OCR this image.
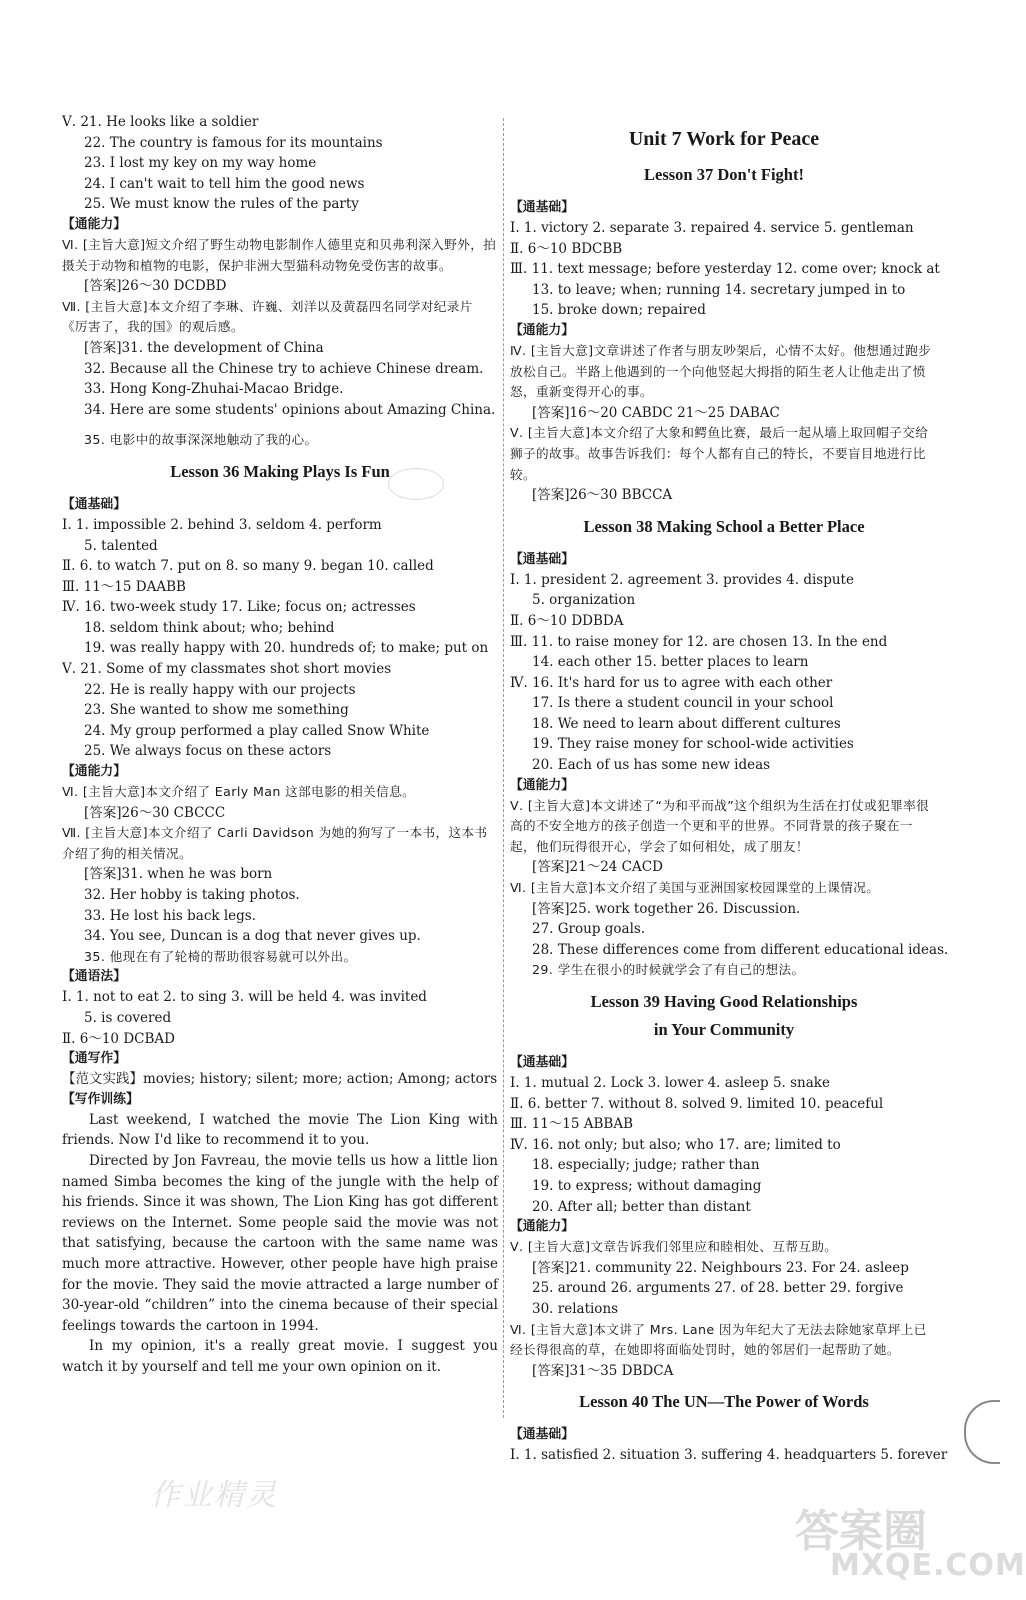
Ⅴ. 21. He looks like a soldier
22. The country is famous for its mountains
23. I lost my key on my way home
24. I can't wait to tell him the good news
25. We must know the rules of the party
【通能力】
Ⅵ. [主旨大意]短文介绍了野生动物电影制作人德里克和贝弗利深入野外，拍摄关于动物和植物的电影，保护非洲大型猫科动物免受伤害的故事。
[答案]26～30 DCDBD
Ⅶ. [主旨大意]本文介绍了李琳、许巍、刘洋以及黄磊四名同学对纪录片《厉害了，我的国》的观后感。
[答案]31. the development of China
32. Because all the Chinese try to achieve Chinese dream.
33. Hong Kong-Zhuhai-Macao Bridge.
34. Here are some students' opinions about Amazing China.
35. 电影中的故事深深地触动了我的心。
Lesson 36 Making Plays Is Fun
【通基础】
Ⅰ. 1. impossible 2. behind 3. seldom 4. perform
5. talented
Ⅱ. 6. to watch 7. put on 8. so many 9. began 10. called
Ⅲ. 11～15 DAABB
Ⅳ. 16. two-week study 17. Like; focus on; actresses
18. seldom think about; who; behind
19. was really happy with 20. hundreds of; to make; put on
Ⅴ. 21. Some of my classmates shot short movies
22. He is really happy with our projects
23. She wanted to show me something
24. My group performed a play called Snow White
25. We always focus on these actors
【通能力】
Ⅵ. [主旨大意]本文介绍了 Early Man 这部电影的相关信息。
[答案]26～30 CBCCC
Ⅶ. [主旨大意]本文介绍了 Carli Davidson 为她的狗写了一本书，这本书介绍了狗的相关情况。
[答案]31. when he was born
32. Her hobby is taking photos.
33. He lost his back legs.
34. You see, Duncan is a dog that never gives up.
35. 他现在有了轮椅的帮助很容易就可以外出。
【通语法】
Ⅰ. 1. not to eat 2. to sing 3. will be held 4. was invited
5. is covered
Ⅱ. 6～10 DCBAD
【通写作】
【范文实践】movies; history; silent; more; action; Among; actors
【写作训练】

Last weekend, I watched the movie The Lion King with friends. Now I'd like to recommend it to you.

Directed by Jon Favreau, the movie tells us how a little lion named Simba becomes the king of the jungle with the help of his friends. Since it was shown, The Lion King has got different reviews on the Internet. Some people said the movie was not that satisfying, because the cartoon with the same name was much more attractive. However, other people have high praise for the movie. They said the movie attracted a large number of 30-year-old “children” into the cinema because of their special feelings towards the cartoon in 1994.

In my opinion, it's a really great movie. I suggest you watch it by yourself and tell me your own opinion on it.

Unit 7 Work for Peace
Lesson 37 Don't Fight!
【通基础】
Ⅰ. 1. victory 2. separate 3. repaired 4. service 5. gentleman
Ⅱ. 6～10 BDCBB
Ⅲ. 11. text message; before yesterday 12. come over; knock at
13. to leave; when; running 14. secretary jumped in to
15. broke down; repaired
【通能力】
Ⅳ. [主旨大意]文章讲述了作者与朋友吵架后，心情不太好。他想通过跑步放松自己。半路上他遇到的一个向他竖起大拇指的陌生老人让他走出了愤怒，重新变得开心的事。
[答案]16～20 CABDC 21～25 DABAC
Ⅴ. [主旨大意]本文介绍了大象和鳄鱼比赛，最后一起从墙上取回帽子交给狮子的故事。故事告诉我们：每个人都有自己的特长，不要盲目地进行比较。
[答案]26～30 BBCCA
Lesson 38 Making School a Better Place
【通基础】
Ⅰ. 1. president 2. agreement 3. provides 4. dispute
5. organization
Ⅱ. 6～10 DDBDA
Ⅲ. 11. to raise money for 12. are chosen 13. In the end
14. each other 15. better places to learn
Ⅳ. 16. It's hard for us to agree with each other
17. Is there a student council in your school
18. We need to learn about different cultures
19. They raise money for school-wide activities
20. Each of us has some new ideas
【通能力】
Ⅴ. [主旨大意]本文讲述了“为和平而战”这个组织为生活在打仗或犯罪率很高的不安全地方的孩子创造一个更和平的世界。不同背景的孩子聚在一起，他们玩得很开心，学会了如何相处，成了朋友！
[答案]21～24 CACD
Ⅵ. [主旨大意]本文介绍了美国与亚洲国家校园课堂的上课情况。
[答案]25. work together 26. Discussion.
27. Group goals.
28. These differences come from different educational ideas.
29. 学生在很小的时候就学会了有自己的想法。
Lesson 39 Having Good Relationships
in Your Community
【通基础】
Ⅰ. 1. mutual 2. Lock 3. lower 4. asleep 5. snake
Ⅱ. 6. better 7. without 8. solved 9. limited 10. peaceful
Ⅲ. 11～15 ABBAB
Ⅳ. 16. not only; but also; who 17. are; limited to
18. especially; judge; rather than
19. to express; without damaging
20. After all; better than distant
【通能力】
Ⅴ. [主旨大意]文章告诉我们邻里应和睦相处、互帮互助。
[答案]21. community 22. Neighbours 23. For 24. asleep
25. around 26. arguments 27. of 28. better 29. forgive
30. relations
Ⅵ. [主旨大意]本文讲了 Mrs. Lane 因为年纪大了无法去除她家草坪上已经长得很高的草，在她即将面临处罚时，她的邻居们一起帮助了她。
[答案]31～35 DBDCA
Lesson 40 The UN—The Power of Words
【通基础】
Ⅰ. 1. satisfied 2. situation 3. suffering 4. headquarters 5. forever
作业精灵
答案圈
MXQE.COM
